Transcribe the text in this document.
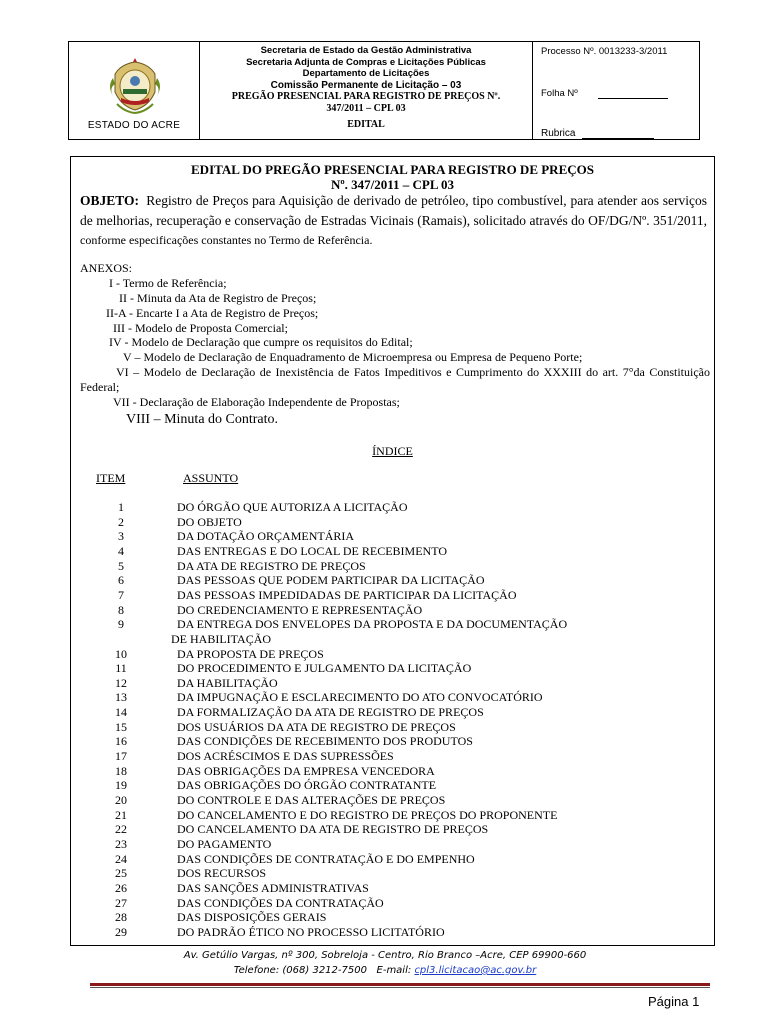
ESTADO DO ACRE
Secretaria de Estado da Gestão Administrativa
Secretaria Adjunta de Compras e Licitações Públicas
Departamento de Licitações
Comissão Permanente de Licitação – 03
PREGÃO PRESENCIAL PARA REGISTRO DE PREÇOS Nº.
347/2011 – CPL 03
EDITAL
Processo Nº. 0013233-3/2011
Folha Nº
Rubrica
EDITAL DO PREGÃO PRESENCIAL PARA REGISTRO DE PREÇOS
Nº. 347/2011 – CPL 03
OBJETO: Registro de Preços para Aquisição de derivado de petróleo, tipo combustível, para atender aos serviços de melhorias, recuperação e conservação de Estradas Vicinais (Ramais), solicitado através do OF/DG/Nº. 351/2011, conforme especificações constantes no Termo de Referência.
ANEXOS:
I - Termo de Referência;
II - Minuta da Ata de Registro de Preços;
II-A - Encarte I a Ata de Registro de Preços;
III - Modelo de Proposta Comercial;
IV - Modelo de Declaração que cumpre os requisitos do Edital;
V – Modelo de Declaração de Enquadramento de Microempresa ou Empresa de Pequeno Porte;
VI – Modelo de Declaração de Inexistência de Fatos Impeditivos e Cumprimento do XXXIII do art. 7°da Constituição Federal;
VII - Declaração de Elaboração Independente de Propostas;
VIII – Minuta do Contrato.
ÍNDICE
ITEM	ASSUNTO
1	DO ÓRGÃO QUE AUTORIZA A LICITAÇÃO
2	DO OBJETO
3	DA DOTAÇÃO ORÇAMENTÁRIA
4	DAS ENTREGAS E DO LOCAL DE RECEBIMENTO
5	DA ATA DE REGISTRO DE PREÇOS
6	DAS PESSOAS QUE PODEM PARTICIPAR DA LICITAÇÃO
7	DAS PESSOAS IMPEDIDADAS DE PARTICIPAR DA LICITAÇÃO
8	DO CREDENCIAMENTO E REPRESENTAÇÃO
9	DA ENTREGA DOS ENVELOPES DA PROPOSTA E DA DOCUMENTAÇÃO
DE HABILITAÇÃO
10	DA PROPOSTA DE PREÇOS
11	DO PROCEDIMENTO E JULGAMENTO DA LICITAÇÃO
12	DA HABILITAÇÃO
13	DA IMPUGNAÇÃO E ESCLARECIMENTO DO ATO CONVOCATÓRIO
14	DA FORMALIZAÇÃO DA ATA DE REGISTRO DE PREÇOS
15	DOS USUÁRIOS DA ATA DE REGISTRO DE PREÇOS
16	DAS CONDIÇÕES DE RECEBIMENTO DOS PRODUTOS
17	DOS ACRÉSCIMOS E DAS SUPRESSÕES
18	DAS OBRIGAÇÕES DA EMPRESA VENCEDORA
19	DAS OBRIGAÇÕES DO ÓRGÃO CONTRATANTE
20	DO CONTROLE E DAS ALTERAÇÕES DE PREÇOS
21	DO CANCELAMENTO E DO REGISTRO DE PREÇOS DO PROPONENTE
22	DO CANCELAMENTO DA ATA DE REGISTRO DE PREÇOS
23	DO PAGAMENTO
24	DAS CONDIÇÕES DE CONTRATAÇÃO E DO EMPENHO
25	DOS RECURSOS
26	DAS SANÇÕES ADMINISTRATIVAS
27	DAS CONDIÇÕES DA CONTRATAÇÃO
28	DAS DISPOSIÇÕES GERAIS
29	DO PADRÃO ÉTICO NO PROCESSO LICITATÓRIO
Av. Getúlio Vargas, nº 300, Sobreloja - Centro, Rio Branco –Acre, CEP 69900-660
Telefone: (068) 3212-7500 E-mail: cpl3.licitacao@ac.gov.br
Página 1
